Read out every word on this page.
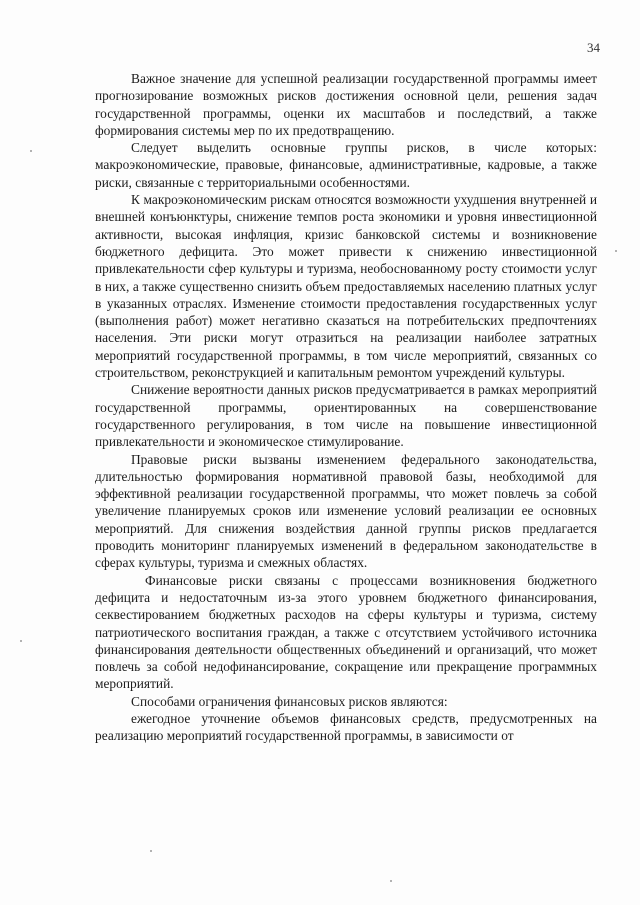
34

Важное значение для успешной реализации государственной программы имеет прогнозирование возможных рисков достижения основной цели, решения задач государственной программы, оценки их масштабов и последствий, а также формирования системы мер по их предотвращению.

Следует выделить основные группы рисков, в числе которых: макроэкономические, правовые, финансовые, административные, кадровые, а также риски, связанные с территориальными особенностями.

К макроэкономическим рискам относятся возможности ухудшения внутренней и внешней конъюнктуры, снижение темпов роста экономики и уровня инвестиционной активности, высокая инфляция, кризис банковской системы и возникновение бюджетного дефицита. Это может привести к снижению инвестиционной привлекательности сфер культуры и туризма, необоснованному росту стоимости услуг в них, а также существенно снизить объем предоставляемых населению платных услуг в указанных отраслях. Изменение стоимости предоставления государственных услуг (выполнения работ) может негативно сказаться на потребительских предпочтениях населения. Эти риски могут отразиться на реализации наиболее затратных мероприятий государственной программы, в том числе мероприятий, связанных со строительством, реконструкцией и капитальным ремонтом учреждений культуры.

Снижение вероятности данных рисков предусматривается в рамках мероприятий государственной программы, ориентированных на совершенствование государственного регулирования, в том числе на повышение инвестиционной привлекательности и экономическое стимулирование.

Правовые риски вызваны изменением федерального законодательства, длительностью формирования нормативной правовой базы, необходимой для эффективной реализации государственной программы, что может повлечь за собой увеличение планируемых сроков или изменение условий реализации ее основных мероприятий. Для снижения воздействия данной группы рисков предлагается проводить мониторинг планируемых изменений в федеральном законодательстве в сферах культуры, туризма и смежных областях.

Финансовые риски связаны с процессами возникновения бюджетного дефицита и недостаточным из-за этого уровнем бюджетного финансирования, секвестированием бюджетных расходов на сферы культуры и туризма, систему патриотического воспитания граждан, а также с отсутствием устойчивого источника финансирования деятельности общественных объединений и организаций, что может повлечь за собой недофинансирование, сокращение или прекращение программных мероприятий.

Способами ограничения финансовых рисков являются:

ежегодное уточнение объемов финансовых средств, предусмотренных на реализацию мероприятий государственной программы, в зависимости от
